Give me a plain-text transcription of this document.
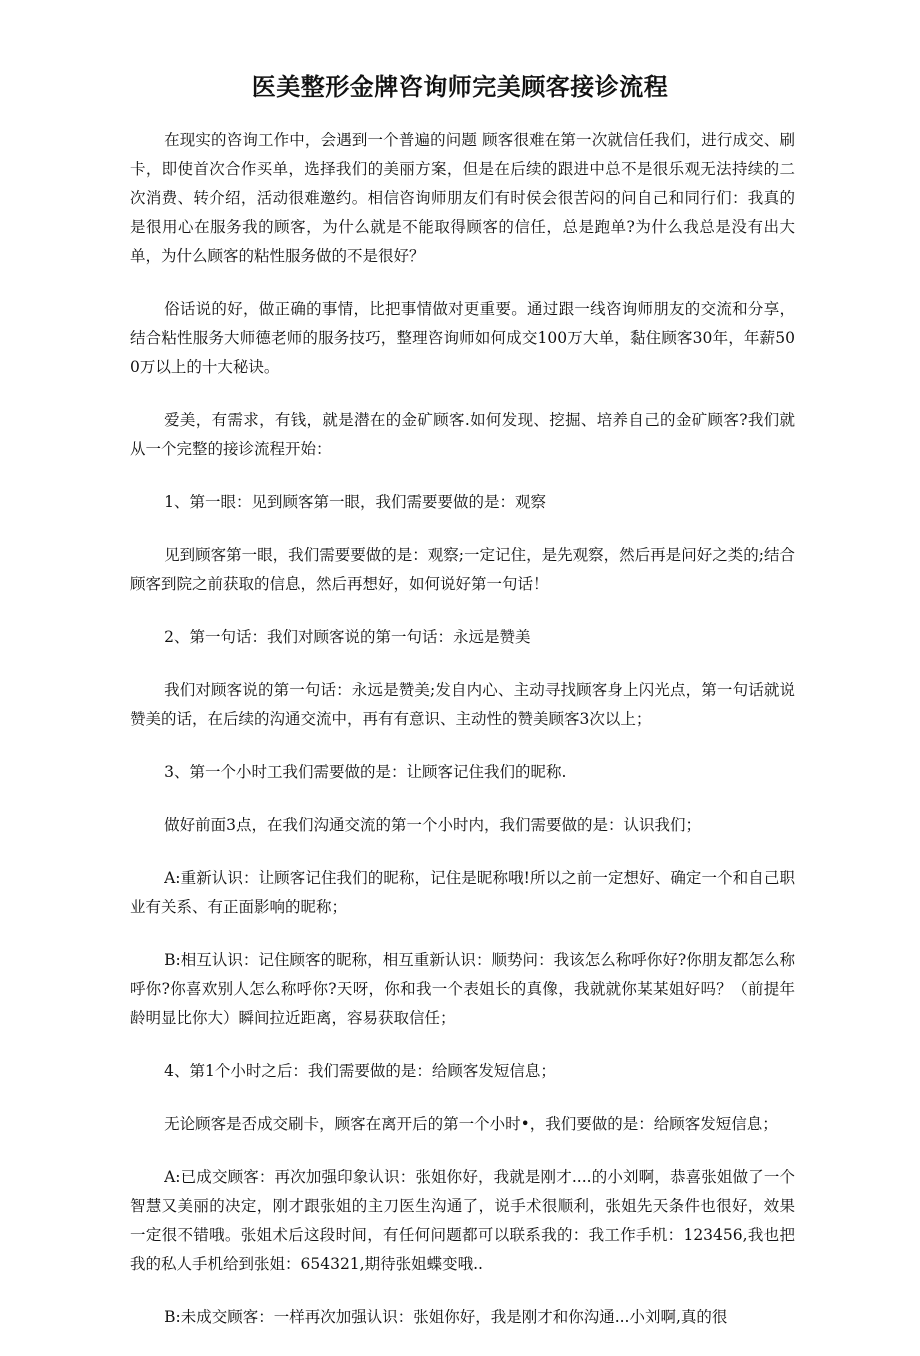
医美整形金牌咨询师完美顾客接诊流程

在现实的咨询工作中，会遇到一个普遍的问题 顾客很难在第一次就信任我们，进行成交、刷卡，即使首次合作买单，选择我们的美丽方案，但是在后续的跟进中总不是很乐观无法持续的二次消费、转介绍，活动很难邀约。相信咨询师朋友们有时侯会很苦闷的问自己和同行们：我真的是很用心在服务我的顾客，为什么就是不能取得顾客的信任，总是跑单?为什么我总是没有出大单，为什么顾客的粘性服务做的不是很好？

俗话说的好，做正确的事情，比把事情做对更重要。通过跟一线咨询师朋友的交流和分享，结合粘性服务大师德老师的服务技巧，整理咨询师如何成交100万大单，黏住顾客30年，年薪500万以上的十大秘诀。

爱美，有需求，有钱，就是潜在的金矿顾客.如何发现、挖掘、培养自己的金矿顾客?我们就从一个完整的接诊流程开始：

1、第一眼：见到顾客第一眼，我们需要要做的是：观察

见到顾客第一眼，我们需要要做的是：观察;一定记住，是先观察，然后再是问好之类的;结合顾客到院之前获取的信息，然后再想好，如何说好第一句话！

2、第一句话：我们对顾客说的第一句话：永远是赞美

我们对顾客说的第一句话：永远是赞美;发自内心、主动寻找顾客身上闪光点，第一句话就说赞美的话，在后续的沟通交流中，再有有意识、主动性的赞美顾客3次以上；

3、第一个小时工我们需要做的是：让顾客记住我们的昵称.

做好前面3点，在我们沟通交流的第一个小时内，我们需要做的是：认识我们；

A:重新认识：让顾客记住我们的昵称，记住是昵称哦!所以之前一定想好、确定一个和自己职业有关系、有正面影响的昵称；

B:相互认识：记住顾客的昵称，相互重新认识：顺势问：我该怎么称呼你好?你朋友都怎么称呼你?你喜欢别人怎么称呼你?天呀，你和我一个表姐长的真像，我就就你某某姐好吗？（前提年龄明显比你大）瞬间拉近距离，容易获取信任；

4、第1个小时之后：我们需要做的是：给顾客发短信息；

无论顾客是否成交刷卡，顾客在离开后的第一个小时•，我们要做的是：给顾客发短信息；

A:已成交顾客：再次加强印象认识：张姐你好，我就是刚才....的小刘啊，恭喜张姐做了一个智慧又美丽的决定，刚才跟张姐的主刀医生沟通了，说手术很顺利，张姐先天条件也很好，效果一定很不错哦。张姐术后这段时间，有任何问题都可以联系我的：我工作手机：123456,我也把我的私人手机给到张姐：654321,期待张姐蝶变哦..

B:未成交顾客：一样再次加强认识：张姐你好，我是刚才和你沟通...小刘啊,真的很
